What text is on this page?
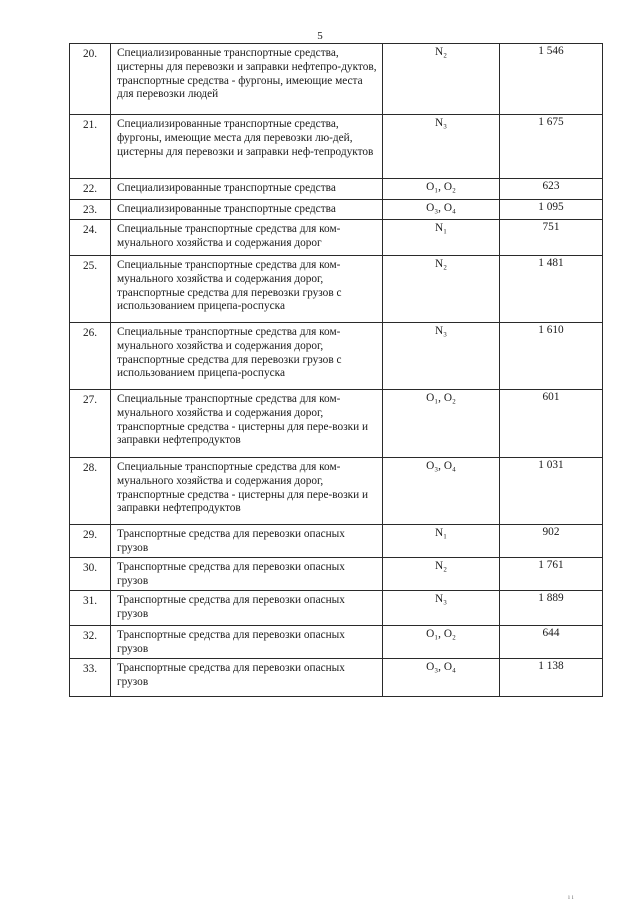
5
20.	Специализированные транспортные средства, цистерны для перевозки и заправки нефтепро-дуктов, транспортные средства - фургоны, имеющие места для перевозки людей	N₂	1 546
21.	Специализированные транспортные средства, фургоны, имеющие места для перевозки лю-дей, цистерны для перевозки и заправки неф-тепродуктов	N₃	1 675
22.	Специализированные транспортные средства	O₁, O₂	623
23.	Специализированные транспортные средства	O₃, O₄	1 095
24.	Специальные транспортные средства для ком-мунального хозяйства и содержания дорог	N₁	751
25.	Специальные транспортные средства для ком-мунального хозяйства и содержания дорог, транспортные средства для перевозки грузов с использованием прицепа-роспуска	N₂	1 481
26.	Специальные транспортные средства для ком-мунального хозяйства и содержания дорог, транспортные средства для перевозки грузов с использованием прицепа-роспуска	N₃	1 610
27.	Специальные транспортные средства для ком-мунального хозяйства и содержания дорог, транспортные средства - цистерны для пере-возки и заправки нефтепродуктов	O₁, O₂	601
28.	Специальные транспортные средства для ком-мунального хозяйства и содержания дорог, транспортные средства - цистерны для пере-возки и заправки нефтепродуктов	O₃, O₄	1 031
29.	Транспортные средства для перевозки опасных грузов	N₁	902
30.	Транспортные средства для перевозки опасных грузов	N₂	1 761
31.	Транспортные средства для перевозки опасных грузов	N₃	1 889
32.	Транспортные средства для перевозки опасных грузов	O₁, O₂	644
33.	Транспортные средства для перевозки опасных грузов	O₃, O₄	1 138
ı ı
